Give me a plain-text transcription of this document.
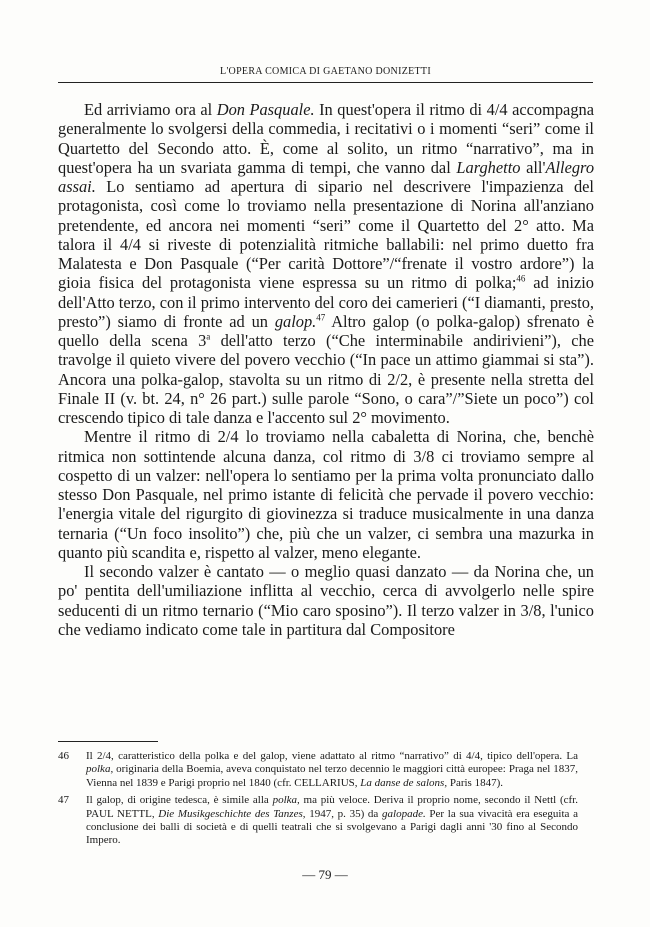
L'OPERA COMICA DI GAETANO DONIZETTI

Ed arriviamo ora al Don Pasquale. In quest'opera il ritmo di 4/4 accompagna generalmente lo svolgersi della commedia, i recitativi o i momenti “seri” come il Quartetto del Secondo atto. È, come al solito, un ritmo “narrativo”, ma in quest'opera ha un svariata gamma di tempi, che vanno dal Larghetto all'Allegro assai. Lo sentiamo ad apertura di sipario nel descrivere l'impazienza del protagonista, così come lo troviamo nella presentazione di Norina all'anziano pretendente, ed ancora nei momenti “seri” come il Quartetto del 2° atto. Ma talora il 4/4 si riveste di potenzialità ritmiche ballabili: nel primo duetto fra Malatesta e Don Pasquale (“Per carità Dottore”/“frenate il vostro ardore”) la gioia fisica del protagonista viene espressa su un ritmo di polka;$^{46}$ ad inizio dell'Atto terzo, con il primo intervento del coro dei camerieri (“I diamanti, presto, presto”) siamo di fronte ad un galop.$^{47}$ Altro galop (o polka-galop) sfrenato è quello della scena 3$^a$ dell'atto terzo (“Che interminabile andirivieni”), che travolge il quieto vivere del povero vecchio (“In pace un attimo giammai si sta”). Ancora una polka-galop, stavolta su un ritmo di 2/2, è presente nella stretta del Finale II (v. bt. 24, n° 26 part.) sulle parole “Sono, o cara”/”Siete un poco”) col crescendo tipico di tale danza e l'accento sul 2° movimento.

Mentre il ritmo di 2/4 lo troviamo nella cabaletta di Norina, che, benchè ritmica non sottintende alcuna danza, col ritmo di 3/8 ci troviamo sempre al cospetto di un valzer: nell'opera lo sentiamo per la prima volta pronunciato dallo stesso Don Pasquale, nel primo istante di felicità che pervade il povero vecchio: l'energia vitale del rigurgito di giovinezza si traduce musicalmente in una danza ternaria (“Un foco insolito”) che, più che un valzer, ci sembra una mazurka in quanto più scandita e, rispetto al valzer, meno elegante.

Il secondo valzer è cantato — o meglio quasi danzato — da Norina che, un po' pentita dell'umiliazione inflitta al vecchio, cerca di avvolgerlo nelle spire seducenti di un ritmo ternario (“Mio caro sposino”). Il terzo valzer in 3/8, l'unico che vediamo indicato come tale in partitura dal Compositore

46	Il 2/4, caratteristico della polka e del galop, viene adattato al ritmo “narrativo” di 4/4, tipico dell'opera. La polka, originaria della Boemia, aveva conquistato nel terzo decennio le maggiori città europee: Praga nel 1837, Vienna nel 1839 e Parigi proprio nel 1840 (cfr. CELLARIUS, La danse de salons, Paris 1847).
47	Il galop, di origine tedesca, è simile alla polka, ma più veloce. Deriva il proprio nome, secondo il Nettl (cfr. PAUL NETTL, Die Musikgeschichte des Tanzes, 1947, p. 35) da galopade. Per la sua vivacità era eseguita a conclusione dei balli di società e di quelli teatrali che si svolgevano a Parigi dagli anni '30 fino al Secondo Impero.
— 79 —
